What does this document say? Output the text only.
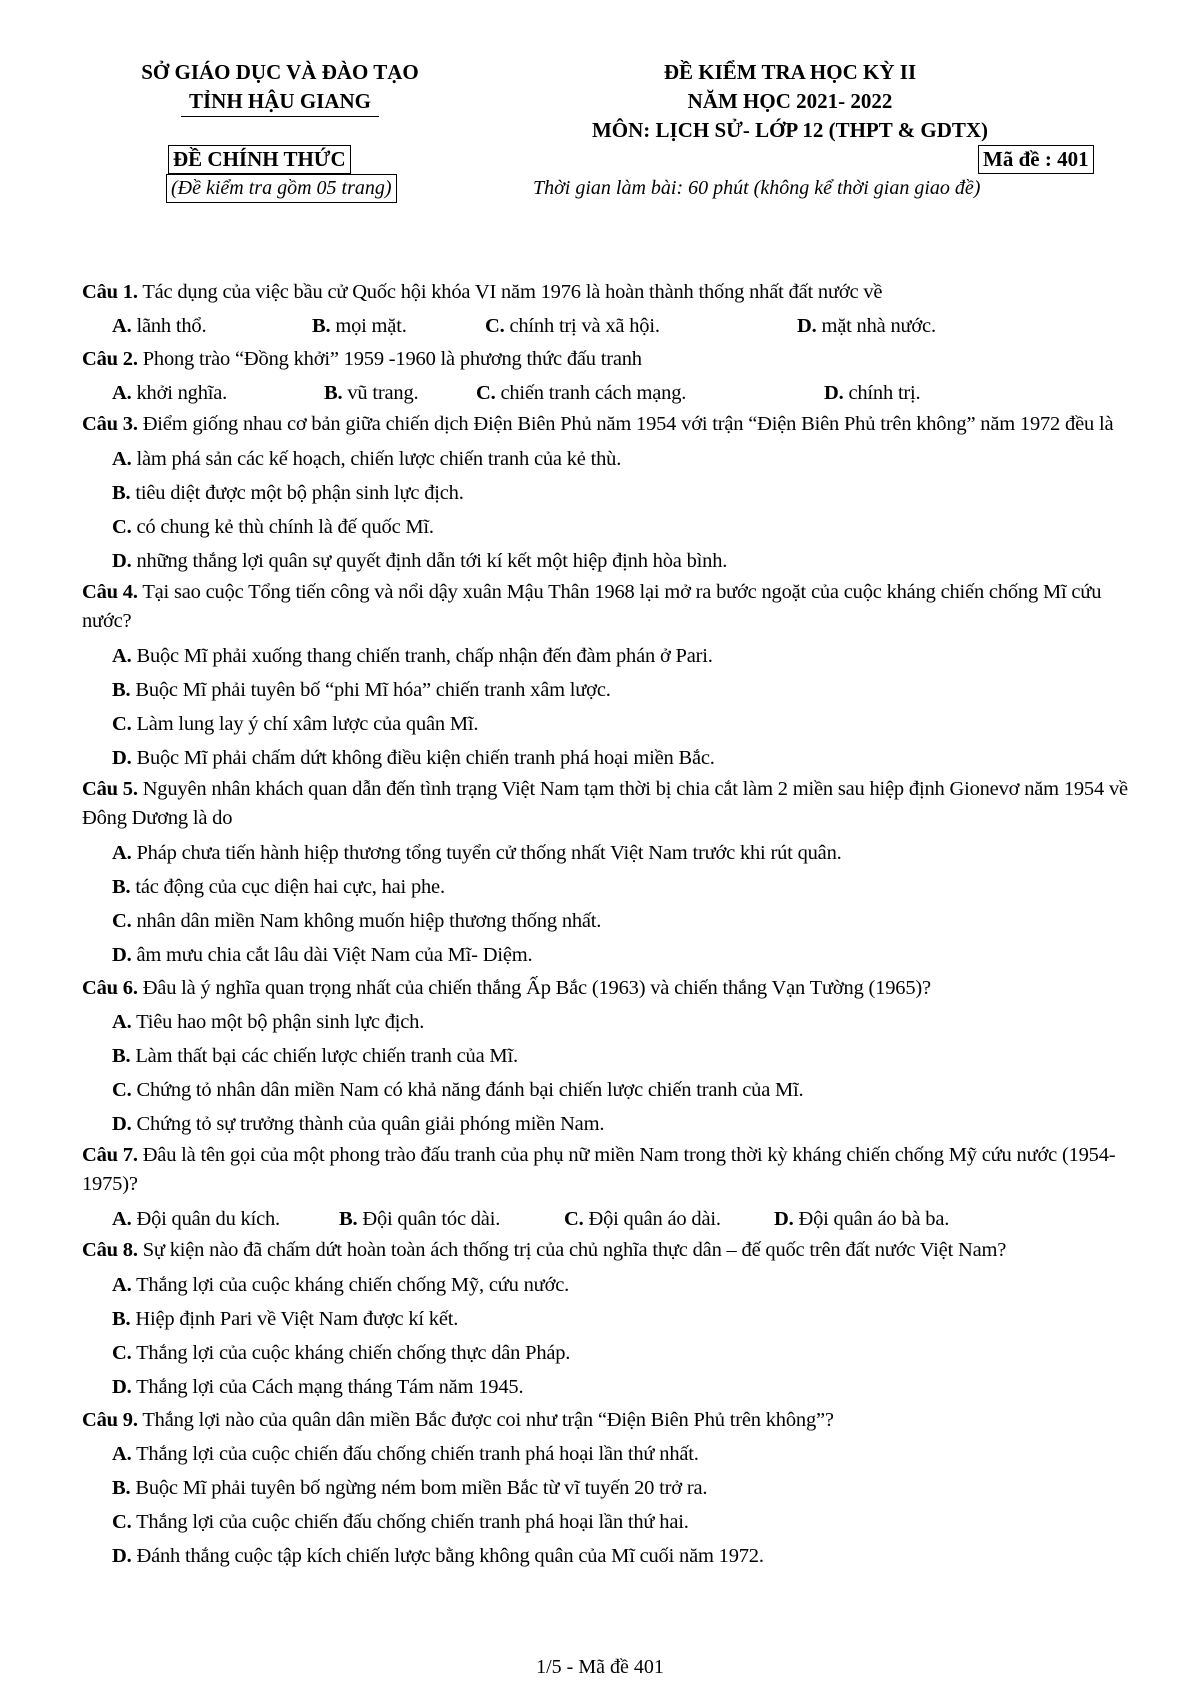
SỞ GIÁO DỤC VÀ ĐÀO TẠO
TỈNH HẬU GIANG
ĐỀ KIỂM TRA HỌC KỲ II
NĂM HỌC 2021- 2022
MÔN: LỊCH SỬ- LỚP 12 (THPT & GDTX)
ĐỀ CHÍNH THỨC
(Đề kiểm tra gồm 05 trang)
Mã đề : 401
Thời gian làm bài: 60 phút (không kể thời gian giao đề)

Câu 1. Tác dụng của việc bầu cử Quốc hội khóa VI năm 1976 là hoàn thành thống nhất đất nước về

A. lãnh thổ.	B. mọi mặt.	C. chính trị và xã hội.	D. mặt nhà nước.

Câu 2. Phong trào “Đồng khởi” 1959 -1960 là phương thức đấu tranh

A. khởi nghĩa.	B. vũ trang.	C. chiến tranh cách mạng.	D. chính trị.

Câu 3. Điểm giống nhau cơ bản giữa chiến dịch Điện Biên Phủ năm 1954 với trận “Điện Biên Phủ trên không” năm 1972 đều là

A. làm phá sản các kế hoạch, chiến lược chiến tranh của kẻ thù.
B. tiêu diệt được một bộ phận sinh lực địch.
C. có chung kẻ thù chính là đế quốc Mĩ.
D. những thắng lợi quân sự quyết định dẫn tới kí kết một hiệp định hòa bình.

Câu 4. Tại sao cuộc Tổng tiến công và nổi dậy xuân Mậu Thân 1968 lại mở ra bước ngoặt của cuộc kháng chiến chống Mĩ cứu nước?

A. Buộc Mĩ phải xuống thang chiến tranh, chấp nhận đến đàm phán ở Pari.
B. Buộc Mĩ phải tuyên bố “phi Mĩ hóa” chiến tranh xâm lược.
C. Làm lung lay ý chí xâm lược của quân Mĩ.
D. Buộc Mĩ phải chấm dứt không điều kiện chiến tranh phá hoại miền Bắc.

Câu 5. Nguyên nhân khách quan dẫn đến tình trạng Việt Nam tạm thời bị chia cắt làm 2 miền sau hiệp định Gionevơ năm 1954 về Đông Dương là do

A. Pháp chưa tiến hành hiệp thương tổng tuyển cử thống nhất Việt Nam trước khi rút quân.
B. tác động của cục diện hai cực, hai phe.
C. nhân dân miền Nam không muốn hiệp thương thống nhất.
D. âm mưu chia cắt lâu dài Việt Nam của Mĩ- Diệm.

Câu 6. Đâu là ý nghĩa quan trọng nhất của chiến thắng Ấp Bắc (1963) và chiến thắng Vạn Tường (1965)?

A. Tiêu hao một bộ phận sinh lực địch.
B. Làm thất bại các chiến lược chiến tranh của Mĩ.
C. Chứng tỏ nhân dân miền Nam có khả năng đánh bại chiến lược chiến tranh của Mĩ.
D. Chứng tỏ sự trưởng thành của quân giải phóng miền Nam.

Câu 7. Đâu là tên gọi của một phong trào đấu tranh của phụ nữ miền Nam trong thời kỳ kháng chiến chống Mỹ cứu nước (1954-1975)?

A. Đội quân du kích.	B. Đội quân tóc dài.	C. Đội quân áo dài.	D. Đội quân áo bà ba.

Câu 8. Sự kiện nào đã chấm dứt hoàn toàn ách thống trị của chủ nghĩa thực dân – đế quốc trên đất nước Việt Nam?

A. Thắng lợi của cuộc kháng chiến chống Mỹ, cứu nước.
B. Hiệp định Pari về Việt Nam được kí kết.
C. Thắng lợi của cuộc kháng chiến chống thực dân Pháp.
D. Thắng lợi của Cách mạng tháng Tám năm 1945.

Câu 9. Thắng lợi nào của quân dân miền Bắc được coi như trận “Điện Biên Phủ trên không”?

A. Thắng lợi của cuộc chiến đấu chống chiến tranh phá hoại lần thứ nhất.
B. Buộc Mĩ phải tuyên bố ngừng ném bom miền Bắc từ vĩ tuyến 20 trở ra.
C. Thắng lợi của cuộc chiến đấu chống chiến tranh phá hoại lần thứ hai.
D. Đánh thắng cuộc tập kích chiến lược bằng không quân của Mĩ cuối năm 1972.
1/5 - Mã đề 401
